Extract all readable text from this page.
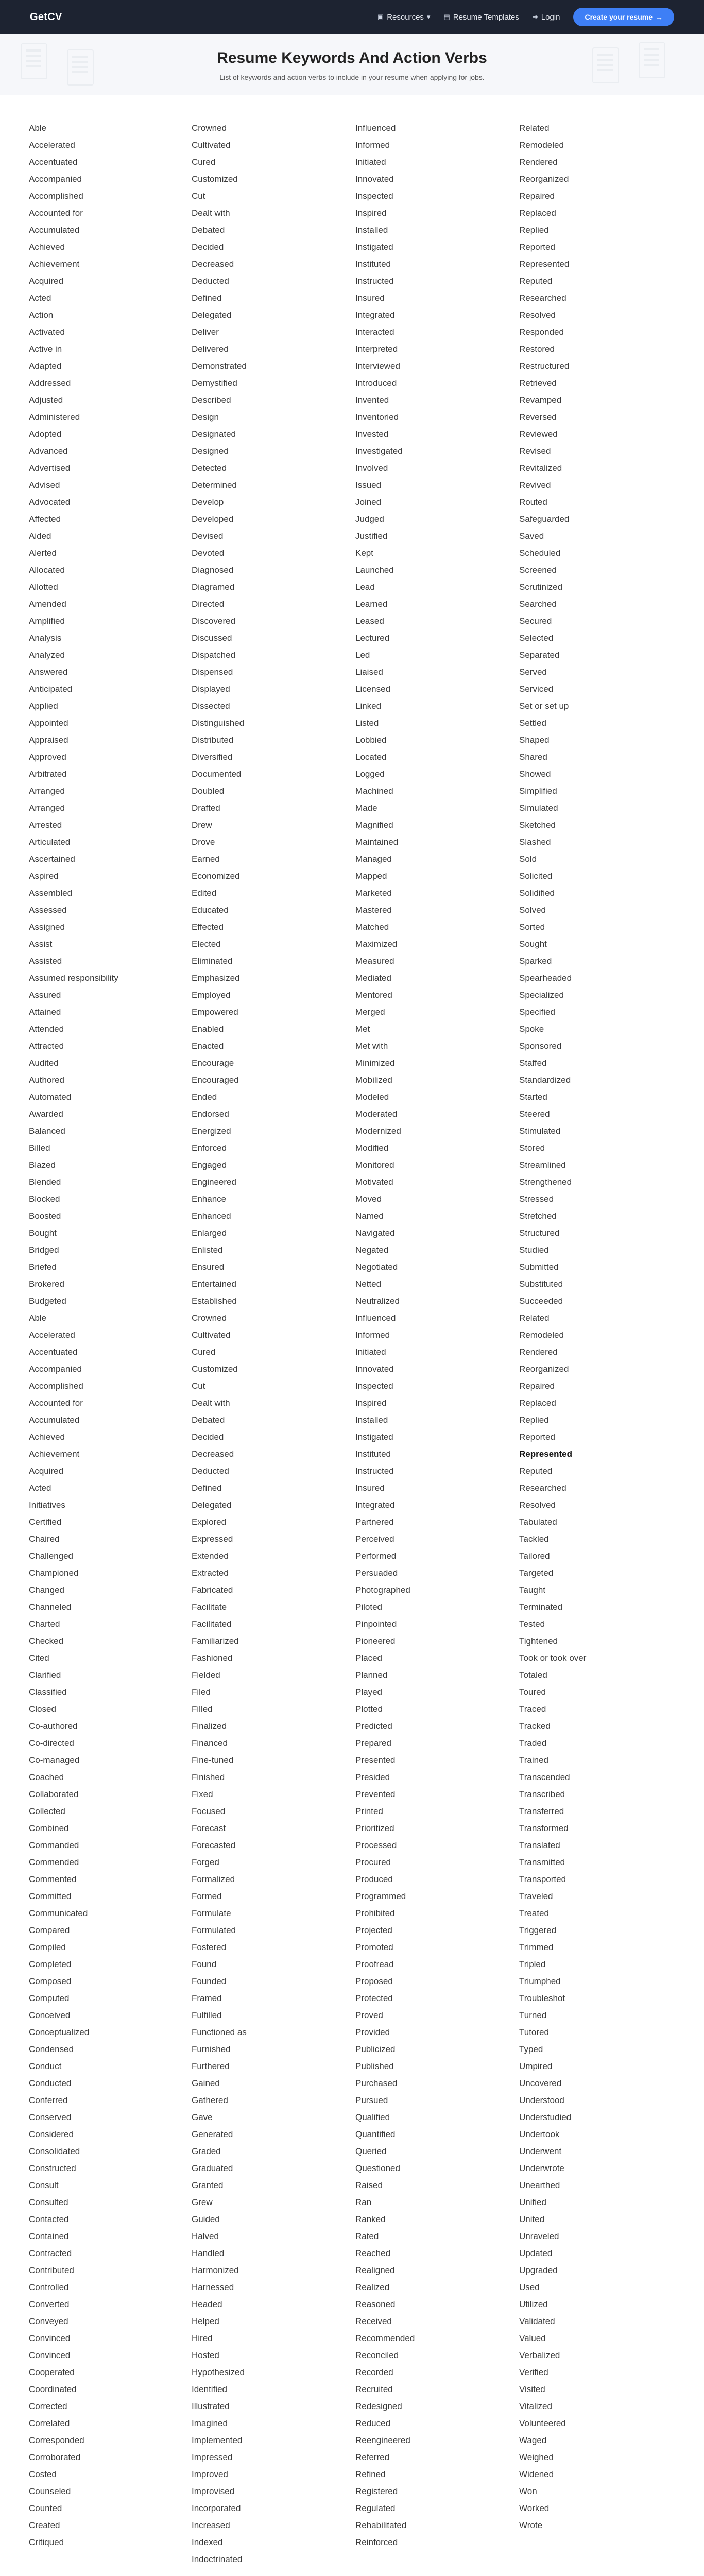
GetCV	▣ Resources ▾ ▤ Resume Templates ➜ Login	Create your resume →
Resume Keywords And Action Verbs

List of keywords and action verbs to include in your resume when applying for jobs.

Able
Accelerated
Accentuated
Accompanied
Accomplished
Accounted for
Accumulated
Achieved
Achievement
Acquired
Acted
Action
Activated
Active in
Adapted
Addressed
Adjusted
Administered
Adopted
Advanced
Advertised
Advised
Advocated
Affected
Aided
Alerted
Allocated
Allotted
Amended
Amplified
Analysis
Analyzed
Answered
Anticipated
Applied
Appointed
Appraised
Approved
Arbitrated
Arranged
Arranged
Arrested
Articulated
Ascertained
Aspired
Assembled
Assessed
Assigned
Assist
Assisted
Assumed responsibility
Assured
Attained
Attended
Attracted
Audited
Authored
Automated
Awarded
Balanced
Billed
Blazed
Blended
Blocked
Boosted
Bought
Bridged
Briefed
Brokered
Budgeted
Able
Accelerated
Accentuated
Accompanied
Accomplished
Accounted for
Accumulated
Achieved
Achievement
Acquired
Acted
Initiatives
Certified
Chaired
Challenged
Championed
Changed
Channeled
Charted
Checked
Cited
Clarified
Classified
Closed
Co-authored
Co-directed
Co-managed
Coached
Collaborated
Collected
Combined
Commanded
Commended
Commented
Committed
Communicated
Compared
Compiled
Completed
Composed
Computed
Conceived
Conceptualized
Condensed
Conduct
Conducted
Conferred
Conserved
Considered
Consolidated
Constructed
Consult
Consulted
Contacted
Contained
Contracted
Contributed
Controlled
Converted
Conveyed
Convinced
Convinced
Cooperated
Coordinated
Corrected
Correlated
Corresponded
Corroborated
Costed
Counseled
Counted
Created
Critiqued
Crowned
Cultivated
Cured
Customized
Cut
Dealt with
Debated
Decided
Decreased
Deducted
Defined
Delegated
Deliver
Delivered
Demonstrated
Demystified
Described
Design
Designated
Designed
Detected
Determined
Develop
Developed
Devised
Devoted
Diagnosed
Diagramed
Directed
Discovered
Discussed
Dispatched
Dispensed
Displayed
Dissected
Distinguished
Distributed
Diversified
Documented
Doubled
Drafted
Drew
Drove
Earned
Economized
Edited
Educated
Effected
Elected
Eliminated
Emphasized
Employed
Empowered
Enabled
Enacted
Encourage
Encouraged
Ended
Endorsed
Energized
Enforced
Engaged
Engineered
Enhance
Enhanced
Enlarged
Enlisted
Ensured
Entertained
Established
Crowned
Cultivated
Cured
Customized
Cut
Dealt with
Debated
Decided
Decreased
Deducted
Defined
Delegated
Explored
Expressed
Extended
Extracted
Fabricated
Facilitate
Facilitated
Familiarized
Fashioned
Fielded
Filed
Filled
Finalized
Financed
Fine-tuned
Finished
Fixed
Focused
Forecast
Forecasted
Forged
Formalized
Formed
Formulate
Formulated
Fostered
Found
Founded
Framed
Fulfilled
Functioned as
Furnished
Furthered
Gained
Gathered
Gave
Generated
Graded
Graduated
Granted
Grew
Guided
Halved
Handled
Harmonized
Harnessed
Headed
Helped
Hired
Hosted
Hypothesized
Identified
Illustrated
Imagined
Implemented
Impressed
Improved
Improvised
Incorporated
Increased
Indexed
Indoctrinated
Influenced
Informed
Initiated
Innovated
Inspected
Inspired
Installed
Instigated
Instituted
Instructed
Insured
Integrated
Interacted
Interpreted
Interviewed
Introduced
Invented
Inventoried
Invested
Investigated
Involved
Issued
Joined
Judged
Justified
Kept
Launched
Lead
Learned
Leased
Lectured
Led
Liaised
Licensed
Linked
Listed
Lobbied
Located
Logged
Machined
Made
Magnified
Maintained
Managed
Mapped
Marketed
Mastered
Matched
Maximized
Measured
Mediated
Mentored
Merged
Met
Met with
Minimized
Mobilized
Modeled
Moderated
Modernized
Modified
Monitored
Motivated
Moved
Named
Navigated
Negated
Negotiated
Netted
Neutralized
Influenced
Informed
Initiated
Innovated
Inspected
Inspired
Installed
Instigated
Instituted
Instructed
Insured
Integrated
Partnered
Perceived
Performed
Persuaded
Photographed
Piloted
Pinpointed
Pioneered
Placed
Planned
Played
Plotted
Predicted
Prepared
Presented
Presided
Prevented
Printed
Prioritized
Processed
Procured
Produced
Programmed
Prohibited
Projected
Promoted
Proofread
Proposed
Protected
Proved
Provided
Publicized
Published
Purchased
Pursued
Qualified
Quantified
Queried
Questioned
Raised
Ran
Ranked
Rated
Reached
Realigned
Realized
Reasoned
Received
Recommended
Reconciled
Recorded
Recruited
Redesigned
Reduced
Reengineered
Referred
Refined
Registered
Regulated
Rehabilitated
Reinforced
Related
Remodeled
Rendered
Reorganized
Repaired
Replaced
Replied
Reported
Represented
Reputed
Researched
Resolved
Responded
Restored
Restructured
Retrieved
Revamped
Reversed
Reviewed
Revised
Revitalized
Revived
Routed
Safeguarded
Saved
Scheduled
Screened
Scrutinized
Searched
Secured
Selected
Separated
Served
Serviced
Set or set up
Settled
Shaped
Shared
Showed
Simplified
Simulated
Sketched
Slashed
Sold
Solicited
Solidified
Solved
Sorted
Sought
Sparked
Spearheaded
Specialized
Specified
Spoke
Sponsored
Staffed
Standardized
Started
Steered
Stimulated
Stored
Streamlined
Strengthened
Stressed
Stretched
Structured
Studied
Submitted
Substituted
Succeeded
Related
Remodeled
Rendered
Reorganized
Repaired
Replaced
Replied
Reported
Represented
Reputed
Researched
Resolved
Tabulated
Tackled
Tailored
Targeted
Taught
Terminated
Tested
Tightened
Took or took over
Totaled
Toured
Traced
Tracked
Traded
Trained
Transcended
Transcribed
Transferred
Transformed
Translated
Transmitted
Transported
Traveled
Treated
Triggered
Trimmed
Tripled
Triumphed
Troubleshot
Turned
Tutored
Typed
Umpired
Uncovered
Understood
Understudied
Undertook
Underwent
Underwrote
Unearthed
Unified
United
Unraveled
Updated
Upgraded
Used
Utilized
Validated
Valued
Verbalized
Verified
Visited
Vitalized
Volunteered
Waged
Weighed
Widened
Won
Worked
Wrote
